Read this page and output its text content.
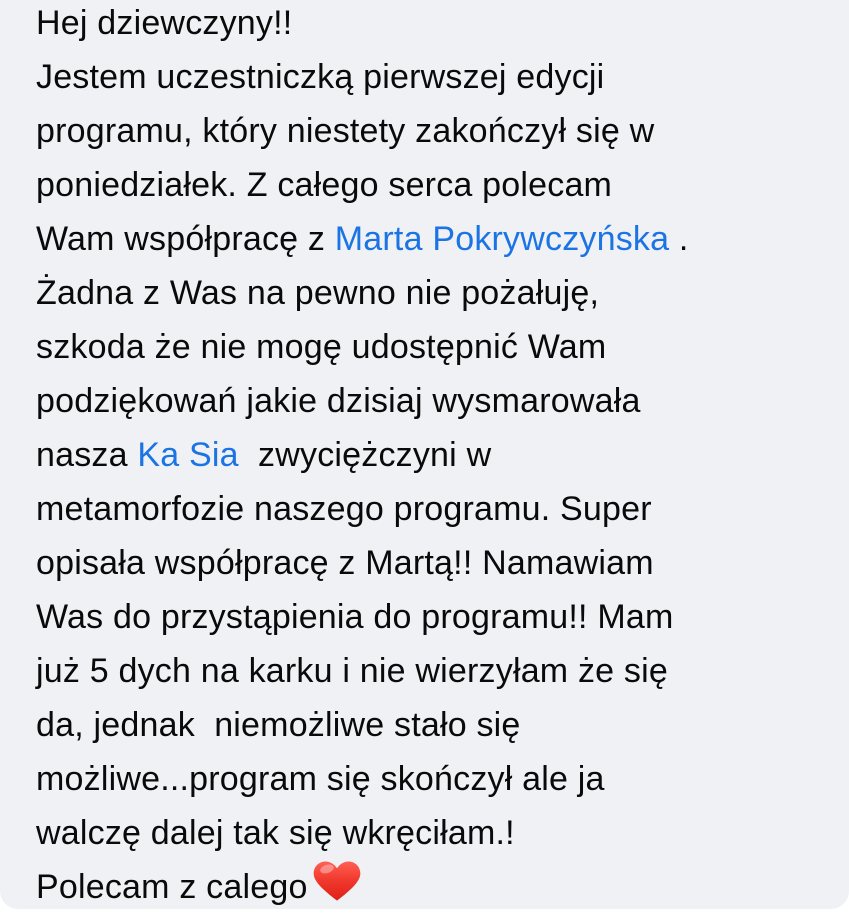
Hej dziewczyny!!
Jestem uczestniczką pierwszej edycji
programu, który niestety zakończył się w
poniedziałek. Z całego serca polecam
Wam współpracę z Marta Pokrywczyńska .
Żadna z Was na pewno nie pożałuję,
szkoda że nie mogę udostępnić Wam
podziękowań jakie dzisiaj wysmarowała
nasza Ka Sia  zwyciężczyni w
metamorfozie naszego programu. Super
opisała współpracę z Martą!! Namawiam
Was do przystąpienia do programu!! Mam
już 5 dych na karku i nie wierzyłam że się
da, jednak  niemożliwe stało się
możliwe...program się skończył ale ja
walczę dalej tak się wkręciłam.!
Polecam z calego
